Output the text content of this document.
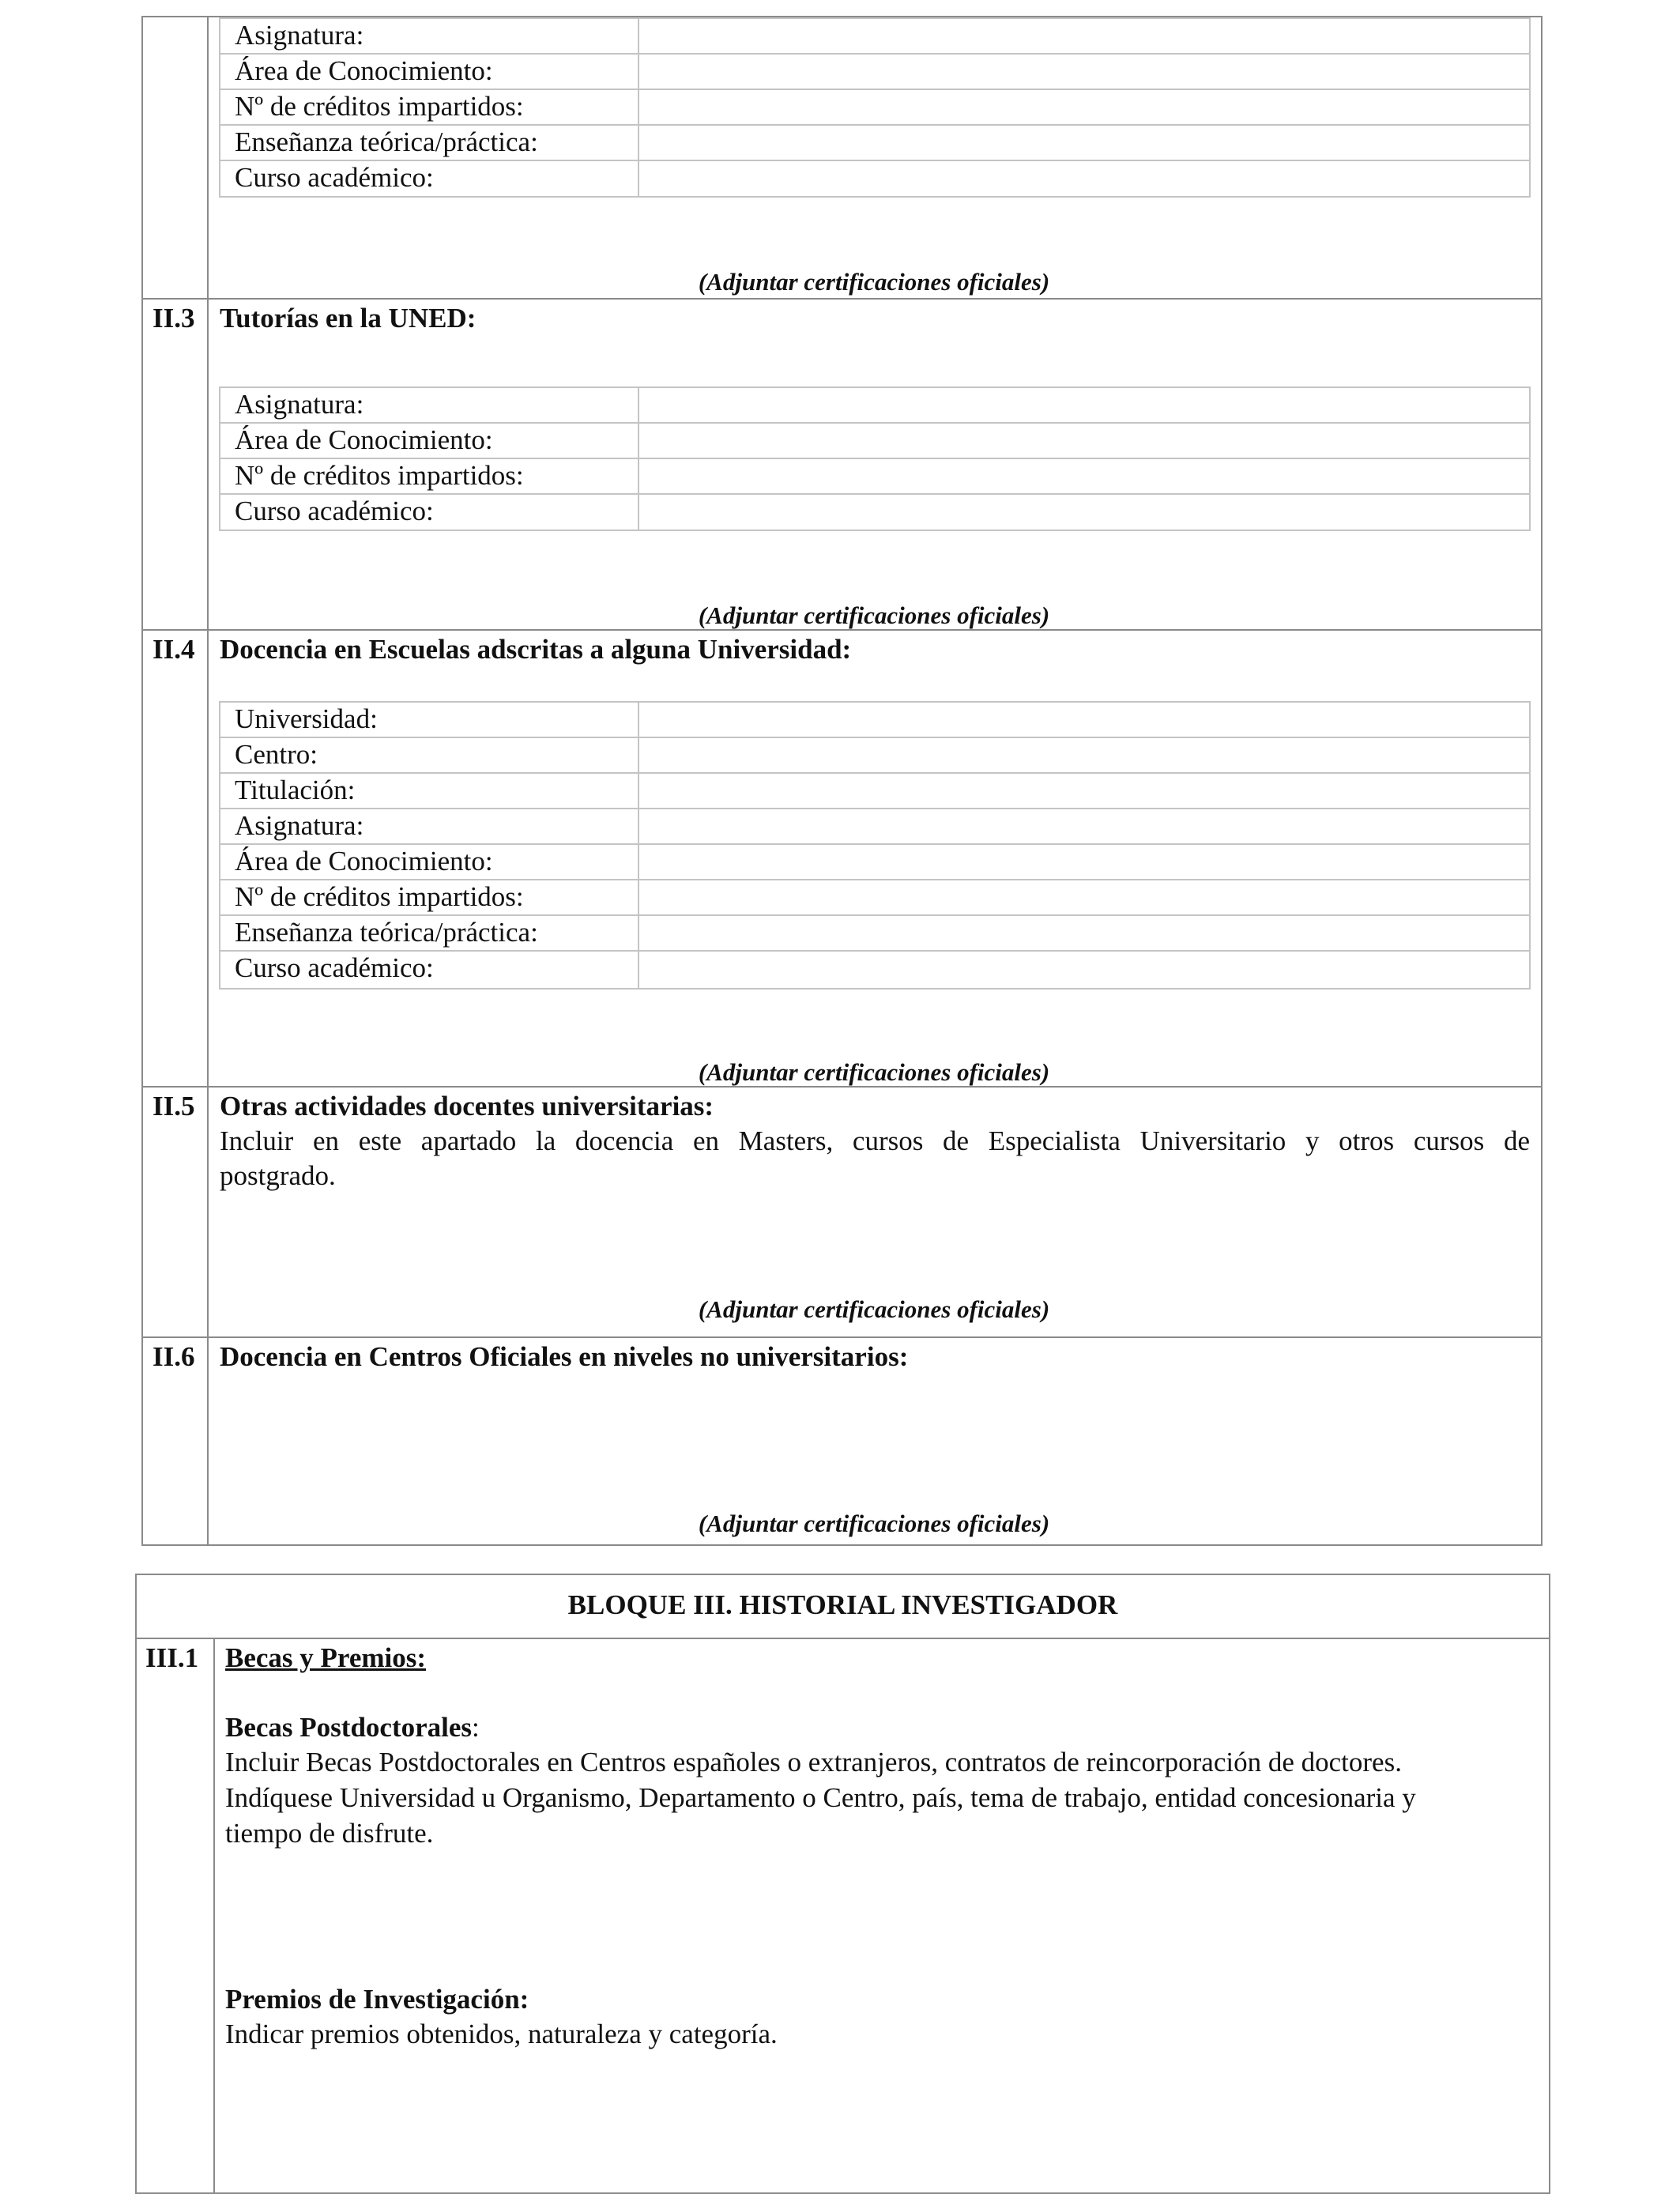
Asignatura:
Área de Conocimiento:
Nº de créditos impartidos:
Enseñanza teórica/práctica:
Curso académico:
(Adjuntar certificaciones oficiales)
II.3 Tutorías en la UNED:
Asignatura:
Área de Conocimiento:
Nº de créditos impartidos:
Curso académico:
(Adjuntar certificaciones oficiales)
II.4 Docencia en Escuelas adscritas a alguna Universidad:
Universidad:
Centro:
Titulación:
Asignatura:
Área de Conocimiento:
Nº de créditos impartidos:
Enseñanza teórica/práctica:
Curso académico:
(Adjuntar certificaciones oficiales)
II.5 Otras actividades docentes universitarias:
Incluir en este apartado la docencia en Masters, cursos de Especialista Universitario y otros cursos de
postgrado.
(Adjuntar certificaciones oficiales)
II.6 Docencia en Centros Oficiales en niveles no universitarios:
(Adjuntar certificaciones oficiales)
BLOQUE III. HISTORIAL INVESTIGADOR
III.1 Becas y Premios:
Becas Postdoctorales:
Incluir Becas Postdoctorales en Centros españoles o extranjeros, contratos de reincorporación de doctores.
Indíquese Universidad u Organismo, Departamento o Centro, país, tema de trabajo, entidad concesionaria y
tiempo de disfrute.
Premios de Investigación:
Indicar premios obtenidos, naturaleza y categoría.
